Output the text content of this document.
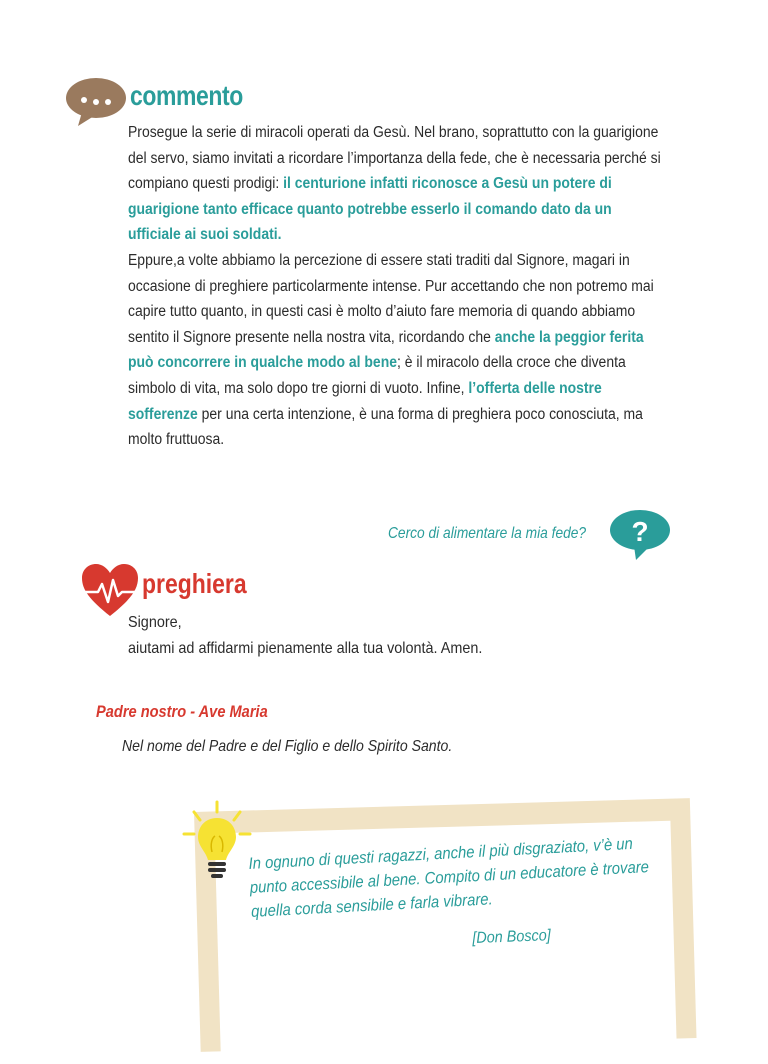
commento
Prosegue la serie di miracoli operati da Gesù. Nel brano, soprattutto con la guarigione del servo, siamo invitati a ricordare l’importanza della fede, che è necessaria perché si compiano questi prodigi: il centurione infatti riconosce a Gesù un potere di guarigione tanto efficace quanto potrebbe esserlo il comando dato da un ufficiale ai suoi soldati.
Eppure,a volte abbiamo la percezione di essere stati traditi dal Signore, magari in occasione di preghiere particolarmente intense. Pur accettando che non potremo mai capire tutto quanto, in questi casi è molto d’aiuto fare memoria di quando abbiamo sentito il Signore presente nella nostra vita, ricordando che anche la peggior ferita può concorrere in qualche modo al bene; è il miracolo della croce che diventa simbolo di vita, ma solo dopo tre giorni di vuoto. Infine, l’offerta delle nostre sofferenze per una certa intenzione, è una forma di preghiera poco conosciuta, ma molto fruttuosa.
Cerco di alimentare la mia fede? ?
preghiera
Signore,
aiutami ad affidarmi pienamente alla tua volontà. Amen.
Padre nostro - Ave Maria
Nel nome del Padre e del Figlio e dello Spirito Santo.
In ognuno di questi ragazzi, anche il più disgraziato, v’è un punto accessibile al bene. Compito di un educatore è trovare quella corda sensibile e farla vibrare.
[Don Bosco]
